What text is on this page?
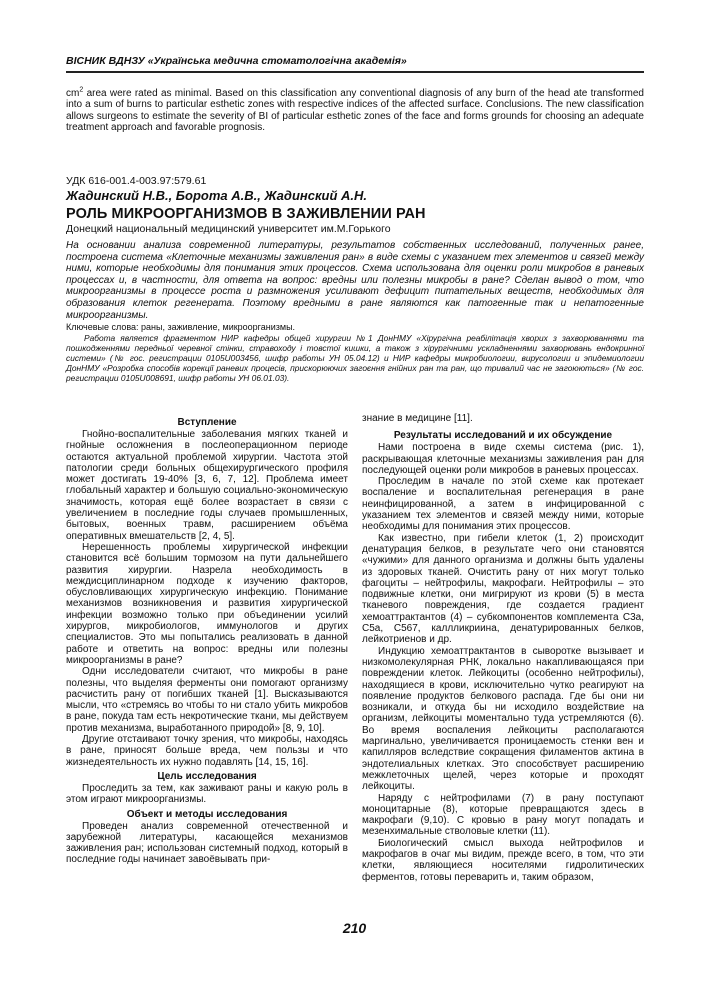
ВІСНИК ВДНЗУ «Українська медична стоматологічна академія»
$cm^2$ area were rated as minimal. Based on this classification any conventional diagnosis of any burn of the head ate transformed into a sum of burns to particular esthetic zones with respective indices of the affected surface. Conclusions. The new classification allows surgeons to estimate the severity of BI of particular esthetic zones of the face and forms grounds for choosing an adequate treatment approach and favorable prognosis.
УДК 616-001.4-003.97:579.61
Жадинский Н.В., Борота А.В., Жадинский А.Н.
РОЛЬ МИКРООРГАНИЗМОВ В ЗАЖИВЛЕНИИ РАН
Донецкий национальный медицинский университет им.М.Горького
На основании анализа современной литературы, результатов собственных исследований, полученных ранее, построена система «Клеточные механизмы заживления ран» в виде схемы с указанием тех элементов и связей между ними, которые необходимы для понимания этих процессов. Схема использована для оценки роли микробов в раневых процессах и, в частности, для ответа на вопрос: вредны или полезны микробы в ране? Сделан вывод о том, что микроорганизмы в процессе роста и размножения усиливают дефицит питательных веществ, необходимых для образования клеток регенерата. Поэтому вредными в ране являются как патогенные так и непатогенные микроорганизмы.
Ключевые слова: раны, заживление, микроорганизмы.
Работа является фрагментом НИР кафедры общей хирургии №1 ДонНМУ «Хірургічна реабілітація хворих з захворюваннями та пошкодженнями передньої черевної стінки, стравоходу і товстої кишки, а також з хірургічними ускладненнями захворювань ендокринної системи» (№ гос. регистрации 0105U003456, шифр работы УН 05.04.12) и НИР кафедры микробиологии, вирусологии и эпидемиологии ДонНМУ «Розробка способів корекції раневих процесів, прискорюючих загоєння гнійних ран та ран, що тривалий час не загоюються» (№ гос. регистрации 0105U008691, шифр работы УН 06.01.03).
Вступление

Гнойно-воспалительные заболевания мягких тканей и гнойные осложнения в послеоперационном периоде остаются актуальной проблемой хирургии. Частота этой патологии среди больных общехирургического профиля может достигать 19-40% [3, 6, 7, 12]. Проблема имеет глобальный характер и большую социально-экономическую значимость, которая ещё более возрастает в связи с увеличением в последние годы случаев промышленных, бытовых, военных травм, расширением объёма оперативных вмешательств [2, 4, 5].

Нерешенность проблемы хирургической инфекции становится всё большим тормозом на пути дальнейшего развития хирургии. Назрела необходимость в междисциплинарном подходе к изучению факторов, обусловливающих хирургическую инфекцию. Понимание механизмов возникновения и развития хирургической инфекции возможно только при объединении усилий хирургов, микробиологов, иммунологов и других специалистов. Это мы попытались реализовать в данной работе и ответить на вопрос: вредны или полезны микроорганизмы в ране?

Одни исследователи считают, что микробы в ране полезны, что выделяя ферменты они помогают организму расчистить рану от погибших тканей [1]. Высказываются мысли, что «стремясь во чтобы то ни стало убить микробов в ране, покуда там есть некротические ткани, мы действуем против механизма, выработанного природой» [8, 9, 10].

Другие отстаивают точку зрения, что микробы, находясь в ране, приносят больше вреда, чем пользы и что жизнедеятельность их нужно подавлять [14, 15, 16].

Цель исследования

Проследить за тем, как заживают раны и какую роль в этом играют микроорганизмы.

Объект и методы исследования

Проведен анализ современной отечественной и зарубежной литературы, касающейся механизмов заживления ран; использован системный подход, который в последние годы начинает завоёвывать при-

знание в медицине [11].

Результаты исследований и их обсуждение

Нами построена в виде схемы система (рис. 1), раскрывающая клеточные механизмы заживления ран для последующей оценки роли микробов в раневых процессах.

Проследим в начале по этой схеме как протекает воспаление и воспалительная регенерация в ране неинфицированной, а затем в инфицированной с указанием тех элементов и связей между ними, которые необходимы для понимания этих процессов.

Как известно, при гибели клеток (1, 2) происходит денатурация белков, в результате чего они становятся «чужими» для данного организма и должны быть удалены из здоровых тканей. Очистить рану от них могут только фагоциты – нейтрофилы, макрофаги. Нейтрофилы – это подвижные клетки, они мигрируют из крови (5) в места тканевого повреждения, где создается градиент хемоаттрактантов (4) – субкомпонентов комплемента С3а, С5а, С567, каллликриина, денатурированных белков, лейкотриенов и др.

Индукцию хемоаттрактантов в сыворотке вызывает и низкомолекулярная РНК, локально накапливающаяся при повреждении клеток. Лейкоциты (особенно нейтрофилы), находящиеся в крови, исключительно чутко реагируют на появление продуктов белкового распада. Где бы они ни возникали, и откуда бы ни исходило воздействие на организм, лейкоциты моментально туда устремляются (6). Во время воспаления лейкоциты располагаются маргинально, увеличивается проницаемость стенки вен и капилляров вследствие сокращения филаментов актина в эндотелиальных клетках. Это способствует расширению межклеточных щелей, через которые и проходят лейкоциты.

Наряду с нейтрофилами (7) в рану поступают моноцитарные (8), которые превращаются здесь в макрофаги (9,10). С кровью в рану могут попадать и мезенхимальные стволовые клетки (11).

Биологический смысл выхода нейтрофилов и макрофагов в очаг мы видим, прежде всего, в том, что эти клетки, являющиеся носителями гидролитических ферментов, готовы переварить и, таким образом,

210
